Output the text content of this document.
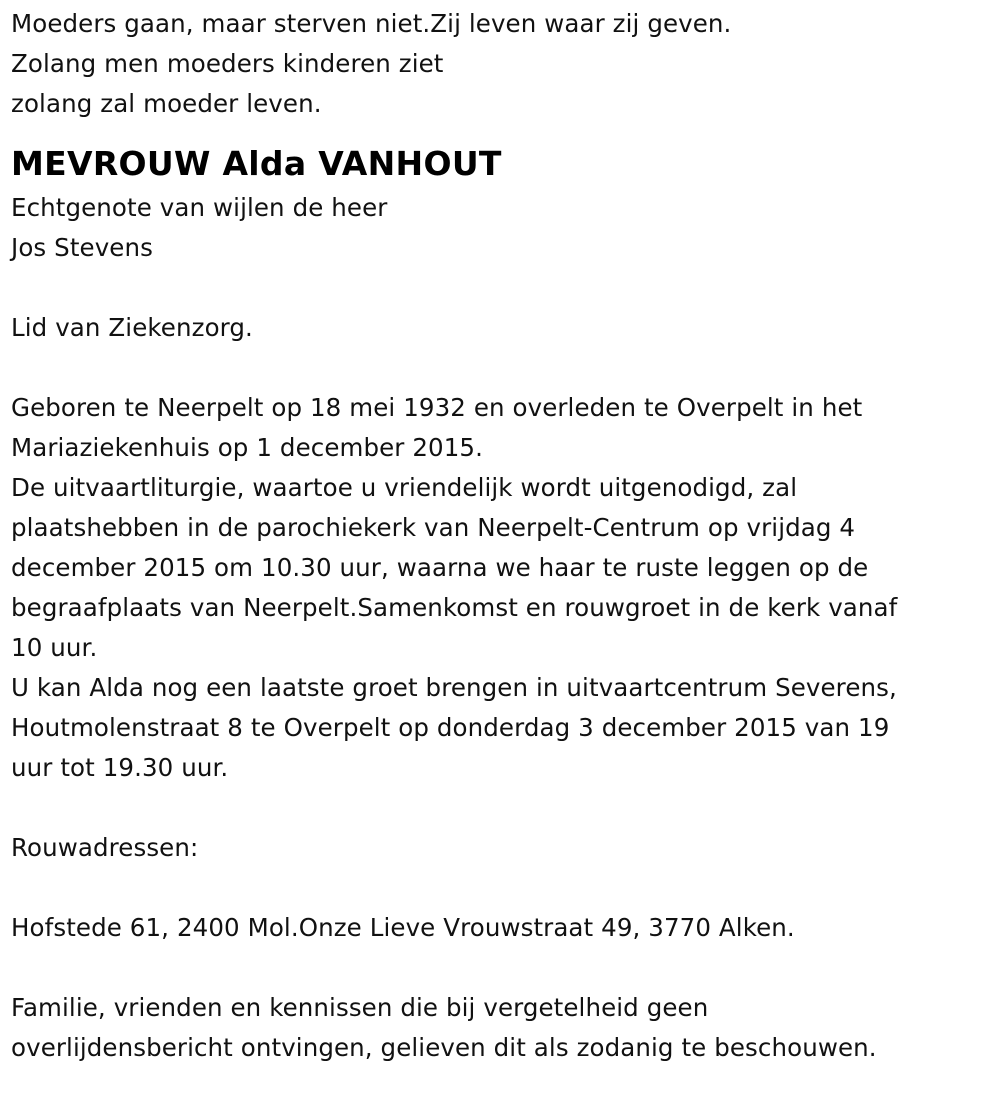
Moeders gaan, maar sterven niet.Zij leven waar zij geven.
Zolang men moeders kinderen ziet
zolang zal moeder leven.
MEVROUW Alda VANHOUT
Echtgenote van wijlen de heer
Jos Stevens
Lid van Ziekenzorg.
Geboren te Neerpelt op 18 mei 1932 en overleden te Overpelt in het
Mariaziekenhuis op 1 december 2015.
De uitvaartliturgie, waartoe u vriendelijk wordt uitgenodigd, zal
plaatshebben in de parochiekerk van Neerpelt-Centrum op vrijdag 4
december 2015 om 10.30 uur, waarna we haar te ruste leggen op de
begraafplaats van Neerpelt.Samenkomst en rouwgroet in de kerk vanaf
10 uur.
U kan Alda nog een laatste groet brengen in uitvaartcentrum Severens,
Houtmolenstraat 8 te Overpelt op donderdag 3 december 2015 van 19
uur tot 19.30 uur.
Rouwadressen:
Hofstede 61, 2400 Mol.Onze Lieve Vrouwstraat 49, 3770 Alken.
Familie, vrienden en kennissen die bij vergetelheid geen
overlijdensbericht ontvingen, gelieven dit als zodanig te beschouwen.
